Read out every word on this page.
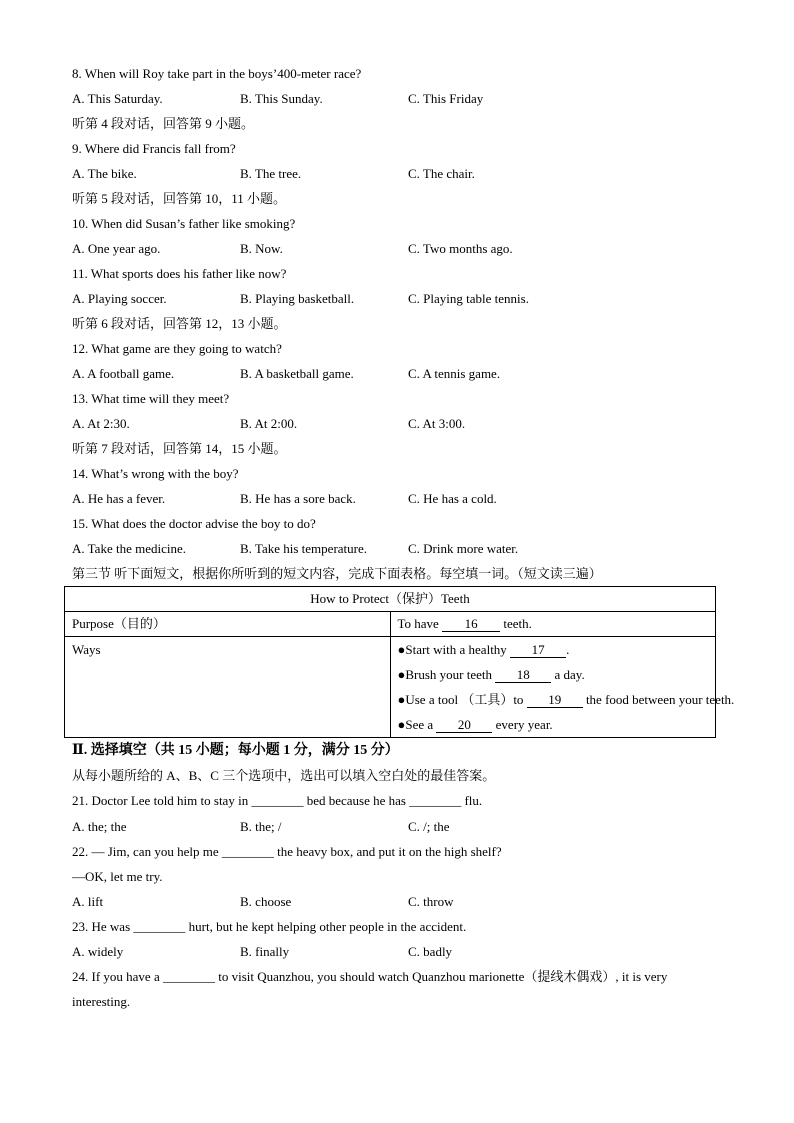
8. When will Roy take part in the boys’400-meter race?
A. This Saturday.	B. This Sunday.	C. This Friday
听第 4 段对话，回答第 9 小题。
9. Where did Francis fall from?
A. The bike.	B. The tree.	C. The chair.
听第 5 段对话，回答第 10，11 小题。
10. When did Susan’s father like smoking?
A. One year ago.	B. Now.	C. Two months ago.
11. What sports does his father like now?
A. Playing soccer.	B. Playing basketball.	C. Playing table tennis.
听第 6 段对话，回答第 12，13 小题。
12. What game are they going to watch?
A. A football game.	B. A basketball game.	C. A tennis game.
13. What time will they meet?
A. At 2:30.	B. At 2:00.	C. At 3:00.
听第 7 段对话，回答第 14，15 小题。
14. What’s wrong with the boy?
A. He has a fever.	B. He has a sore back.	C. He has a cold.
15. What does the doctor advise the boy to do?
A. Take the medicine.	B. Take his temperature.	C. Drink more water.
第三节 听下面短文，根据你所听到的短文内容，完成下面表格。每空填一词。（短文读三遍）
How to Protect（保护）Teeth	
Purpose（目的）	To have 16 teeth.
Ways	●Start with a healthy 17 .
●Brush your teeth 18 a day.
●Use a tool （工具）to 19 the food between your teeth.
●See a 20 every year.
Ⅱ. 选择填空（共 15 小题；每小题 1 分，满分 15 分）
从每小题所给的 A、B、C 三个选项中，选出可以填入空白处的最佳答案。
21. Doctor Lee told him to stay in ________ bed because he has ________ flu.
A. the; the	B. the; /	C. /; the
22. — Jim, can you help me ________ the heavy box, and put it on the high shelf?
—OK, let me try.
A. lift	B. choose	C. throw
23. He was ________ hurt, but he kept helping other people in the accident.
A. widely	B. finally	C. badly
24. If you have a ________ to visit Quanzhou, you should watch Quanzhou marionette（提线木偶戏）, it is very
interesting.
